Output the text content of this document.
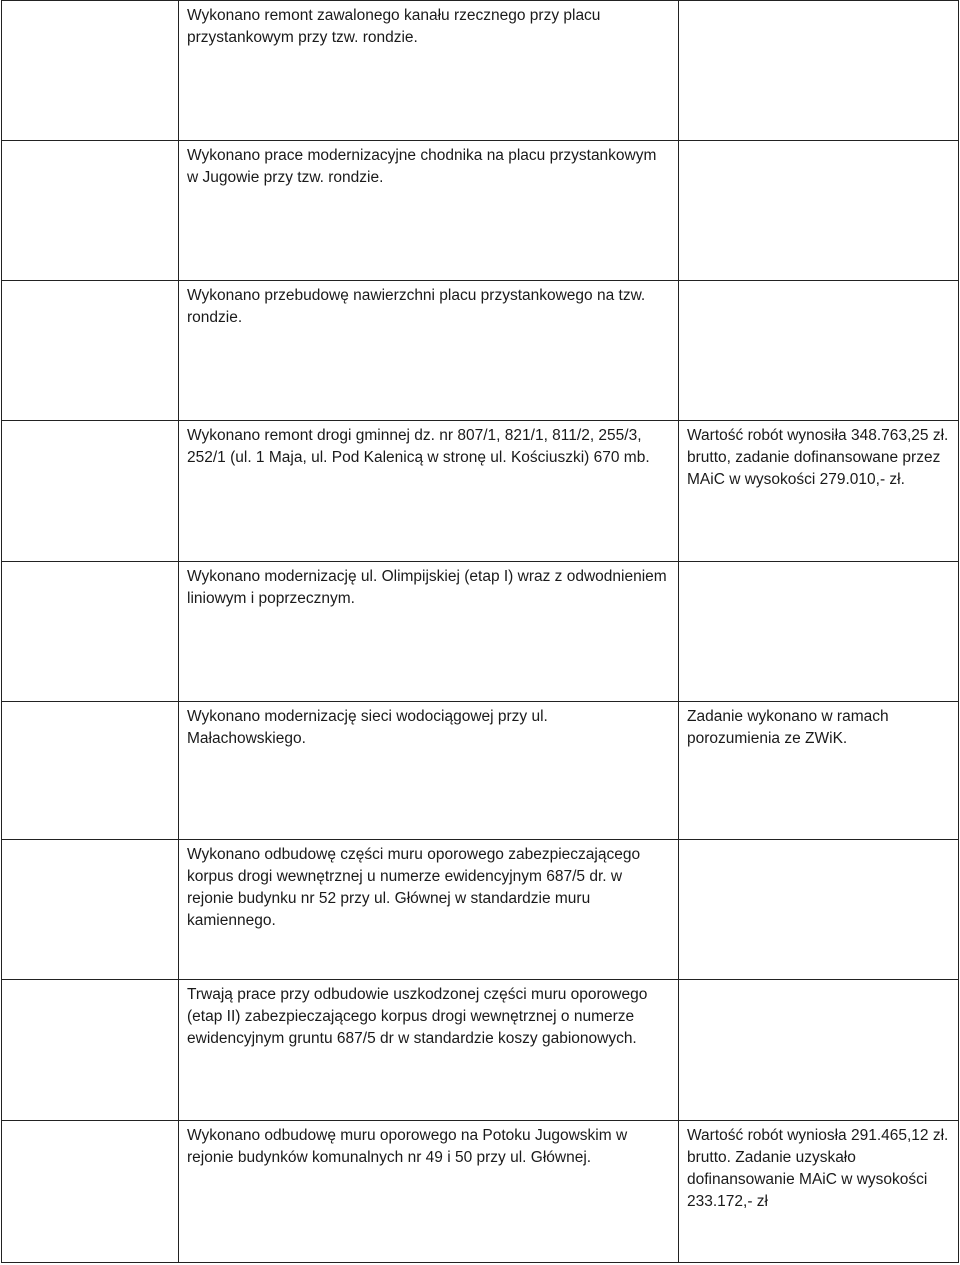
	Wykonano remont zawalonego kanału rzecznego przy placu przystankowym przy tzw. rondzie.	

	Wykonano prace modernizacyjne chodnika na placu przystankowym w Jugowie przy tzw. rondzie.	

	Wykonano przebudowę nawierzchni placu przystankowego na tzw. rondzie.	

	Wykonano remont drogi gminnej dz. nr 807/1, 821/1, 811/2, 255/3, 252/1 (ul. 1 Maja, ul. Pod Kalenicą w stronę ul. Kościuszki) 670 mb.	Wartość robót wynosiła 348.763,25 zł. brutto, zadanie dofinansowane przez MAiC w wysokości 279.010,- zł.

	Wykonano modernizację ul. Olimpijskiej (etap I) wraz z odwodnieniem liniowym i poprzecznym.	

	Wykonano modernizację sieci wodociągowej przy ul. Małachowskiego.	Zadanie wykonano w ramach porozumienia ze ZWiK.

	Wykonano odbudowę części muru oporowego zabezpieczającego korpus drogi wewnętrznej u numerze ewidencyjnym 687/5 dr. w rejonie budynku nr 52 przy ul. Głównej w standardzie muru kamiennego.	

	Trwają prace przy odbudowie uszkodzonej części muru oporowego (etap II) zabezpieczającego korpus drogi wewnętrznej o numerze ewidencyjnym gruntu 687/5 dr w standardzie koszy gabionowych.	

	Wykonano odbudowę muru oporowego na Potoku Jugowskim w rejonie budynków komunalnych nr 49 i 50 przy ul. Głównej.	Wartość robót wyniosła 291.465,12 zł. brutto. Zadanie uzyskało dofinansowanie MAiC w wysokości 233.172,- zł
